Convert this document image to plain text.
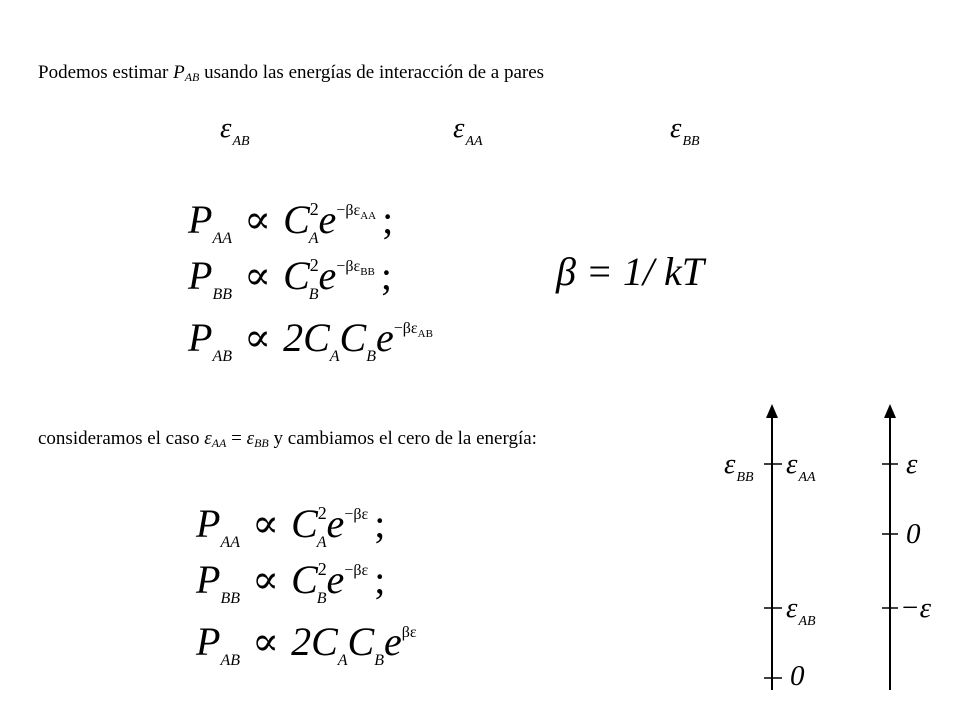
Podemos estimar $P_{AB}$ usando las energías de interacción de a pares
εAB	εAA	εBB
$P_{AA} \propto C^2_Ae^{-\beta\varepsilon AA}$ ;
$P_{BB} \propto C^2_Be^{-\beta\varepsilon BB}$ ;
$P_{AB} \propto 2C_AC_Be^{-\beta\varepsilon AB}$
β = 1/ kT
consideramos el caso $\varepsilon_{AA} = \varepsilon_{BB}$ y cambiamos el cero de la energía:
$P_{AA} \propto C^2_Ae^{-\beta\varepsilon}$ ;
$P_{BB} \propto C^2_Be^{-\beta\varepsilon}$ ;
$P_{AB} \propto 2C_AC_Be^{\beta\varepsilon}$
εBB εAA
εAB
0
ε
0
−ε
